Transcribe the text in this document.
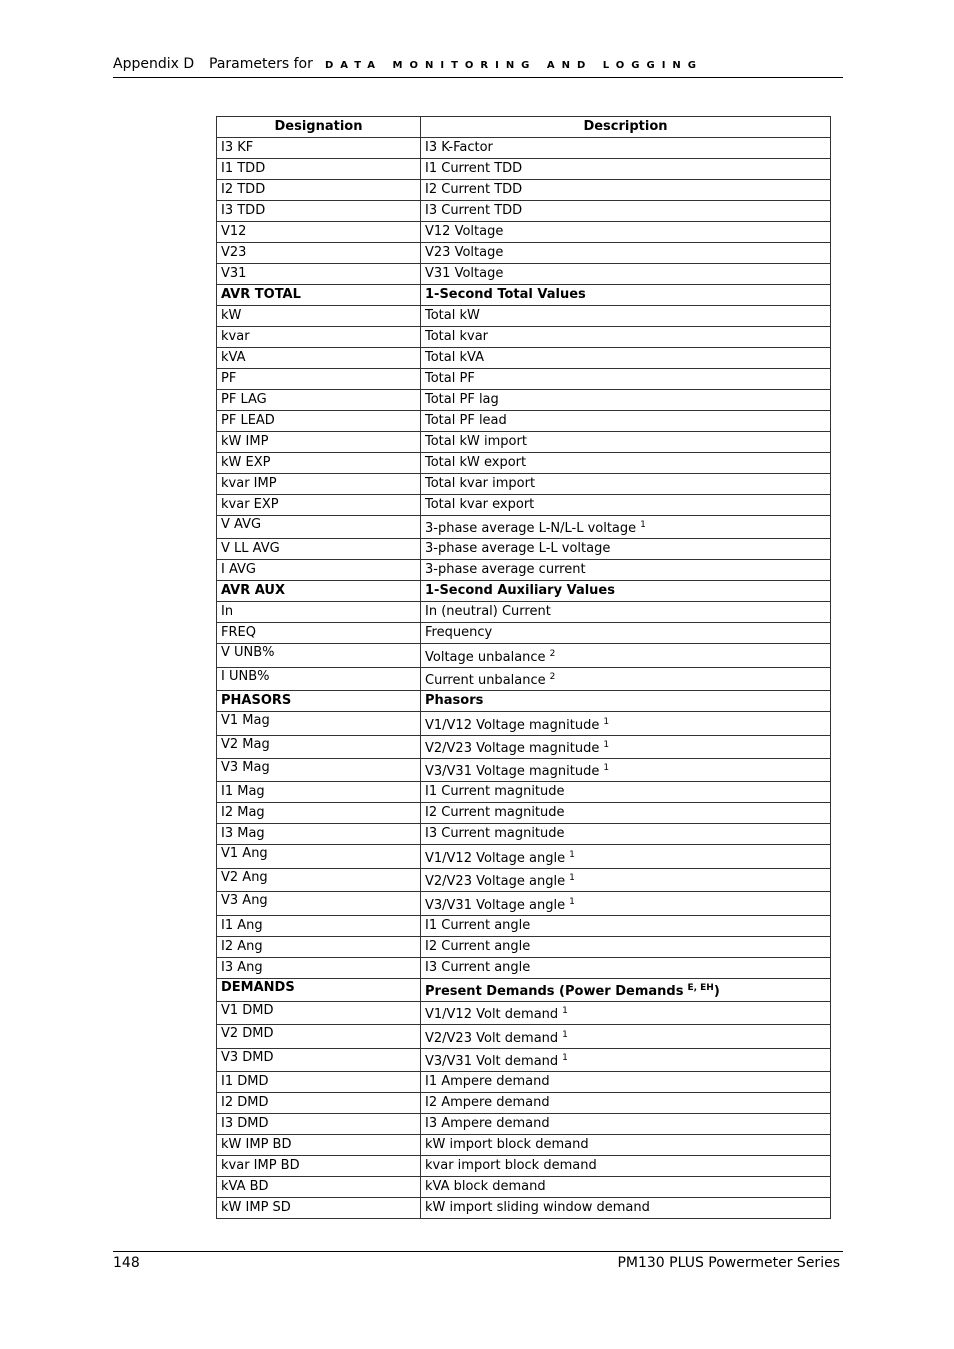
Appendix D Parameters for DATA MONITORING AND LOGGING
Designation	Description
I3 KF	I3 K-Factor
I1 TDD	I1 Current TDD
I2 TDD	I2 Current TDD
I3 TDD	I3 Current TDD
V12	V12 Voltage
V23	V23 Voltage
V31	V31 Voltage
AVR TOTAL	1-Second Total Values
kW	Total kW
kvar	Total kvar
kVA	Total kVA
PF	Total PF
PF LAG	Total PF lag
PF LEAD	Total PF lead
kW IMP	Total kW import
kW EXP	Total kW export
kvar IMP	Total kvar import
kvar EXP	Total kvar export
V AVG	3-phase average L-N/L-L voltage $^1$
V LL AVG	3-phase average L-L voltage
I AVG	3-phase average current
AVR AUX	1-Second Auxiliary Values
In	In (neutral) Current
FREQ	Frequency
V UNB%	Voltage unbalance $^2$
I UNB%	Current unbalance $^2$
PHASORS	Phasors
V1 Mag	V1/V12 Voltage magnitude $^1$
V2 Mag	V2/V23 Voltage magnitude $^1$
V3 Mag	V3/V31 Voltage magnitude $^1$
I1 Mag	I1 Current magnitude
I2 Mag	I2 Current magnitude
I3 Mag	I3 Current magnitude
V1 Ang	V1/V12 Voltage angle $^1$
V2 Ang	V2/V23 Voltage angle $^1$
V3 Ang	V3/V31 Voltage angle $^1$
I1 Ang	I1 Current angle
I2 Ang	I2 Current angle
I3 Ang	I3 Current angle
DEMANDS	Present Demands (Power Demands $^{E, EH}$)
V1 DMD	V1/V12 Volt demand $^1$
V2 DMD	V2/V23 Volt demand $^1$
V3 DMD	V3/V31 Volt demand $^1$
I1 DMD	I1 Ampere demand
I2 DMD	I2 Ampere demand
I3 DMD	I3 Ampere demand
kW IMP BD	kW import block demand
kvar IMP BD	kvar import block demand
kVA BD	kVA block demand
kW IMP SD	kW import sliding window demand
148	PM130 PLUS Powermeter Series
